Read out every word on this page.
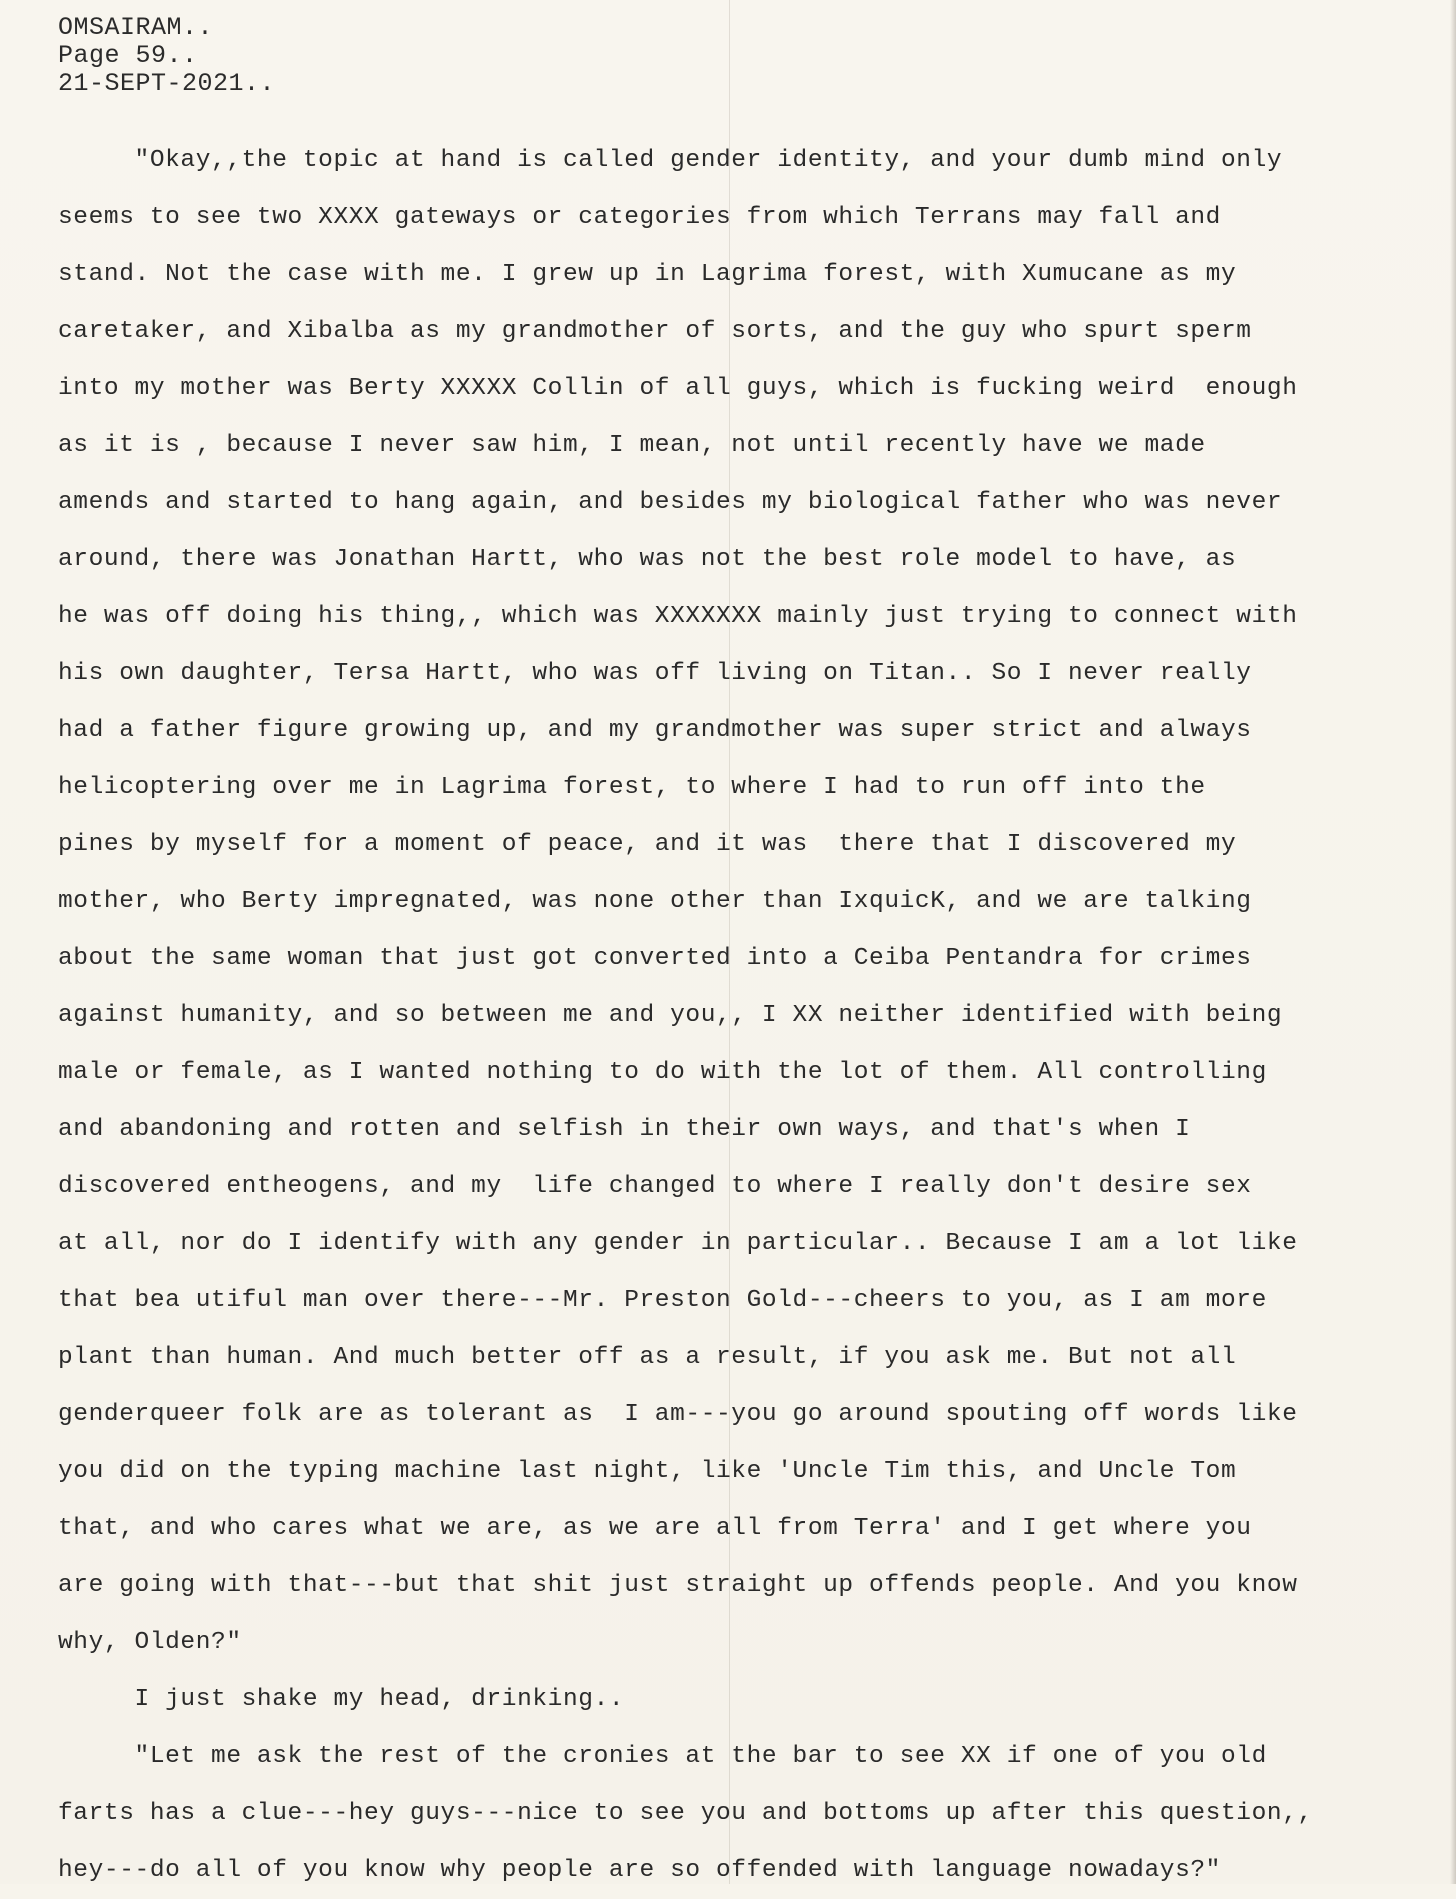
OMSAIRAM..
Page 59..
21-SEPT-2021..
"Okay,,the topic at hand is called gender identity, and your dumb mind only
seems to see two XXXX gateways or categories from which Terrans may fall and
stand. Not the case with me. I grew up in Lagrima forest, with Xumucane as my
caretaker, and Xibalba as my grandmother of sorts, and the guy who spurt sperm
into my mother was Berty XXXXX Collin of all guys, which is fucking weird  enough
as it is , because I never saw him, I mean, not until recently have we made
amends and started to hang again, and besides my biological father who was never
around, there was Jonathan Hartt, who was not the best role model to have, as
he was off doing his thing,, which was XXXXXXX mainly just trying to connect with
his own daughter, Tersa Hartt, who was off living on Titan.. So I never really
had a father figure growing up, and my grandmother was super strict and always
helicoptering over me in Lagrima forest, to where I had to run off into the
pines by myself for a moment of peace, and it was  there that I discovered my
mother, who Berty impregnated, was none other than IxquicK, and we are talking
about the same woman that just got converted into a Ceiba Pentandra for crimes
against humanity, and so between me and you,, I XX neither identified with being
male or female, as I wanted nothing to do with the lot of them. All controlling
and abandoning and rotten and selfish in their own ways, and that's when I
discovered entheogens, and my  life changed to where I really don't desire sex
at all, nor do I identify with any gender in particular.. Because I am a lot like
that bea utiful man over there---Mr. Preston Gold---cheers to you, as I am more
plant than human. And much better off as a result, if you ask me. But not all
genderqueer folk are as tolerant as  I am---you go around spouting off words like
you did on the typing machine last night, like 'Uncle Tim this, and Uncle Tom
that, and who cares what we are, as we are all from Terra' and I get where you
are going with that---but that shit just straight up offends people. And you know
why, Olden?"
I just shake my head, drinking..
"Let me ask the rest of the cronies at the bar to see XX if one of you old
farts has a clue---hey guys---nice to see you and bottoms up after this question,,
hey---do all of you know why people are so offended with language nowadays?"
